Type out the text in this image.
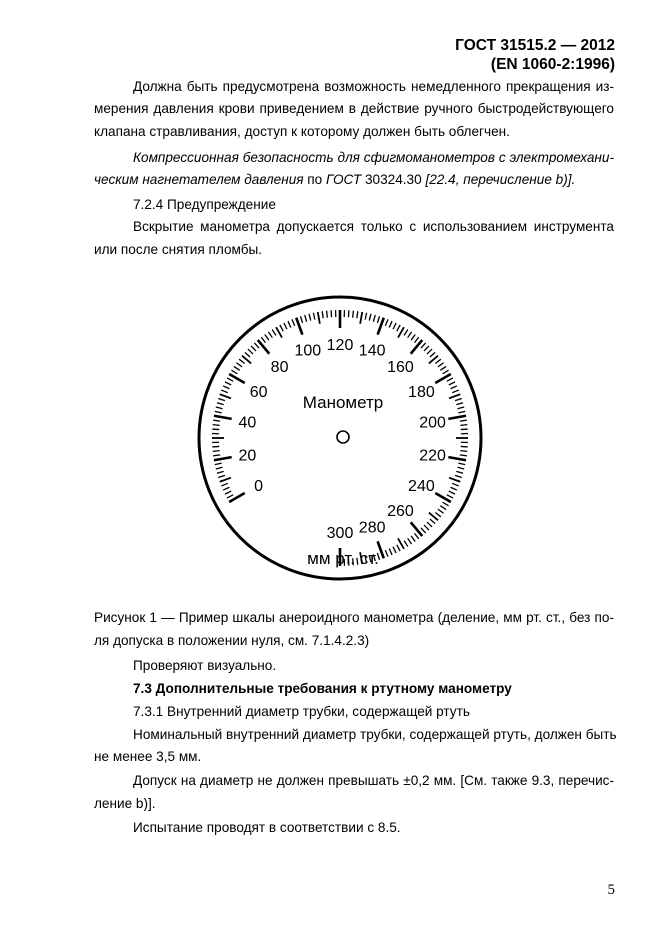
ГОСТ 31515.2 — 2012
(EN 1060-2:1996)
Должна быть предусмотрена возможность немедленного прекращения из-
мерения давления крови приведением в действие ручного быстродействующего
клапана стравливания, доступ к которому должен быть облегчен.
Компрессионная безопасность для сфигмоманометров с электромехани-
ческим нагнетателем давления по ГОСТ 30324.30 [22.4, перечисление b)].
7.2.4 Предупреждение
Вскрытие манометра допускается только с использованием инструмента
или после снятия пломбы.
0
20
40
60
80
100 120 140
160
180
200
220
240
260
280
300
Манометр
мм рт. ст.
Рисунок 1 — Пример шкалы анероидного манометра (деление, мм рт. ст., без по-
ля допуска в положении нуля, см. 7.1.4.2.3)
Проверяют визуально.
7.3 Дополнительные требования к ртутному манометру
7.3.1 Внутренний диаметр трубки, содержащей ртуть
Номинальный внутренний диаметр трубки, содержащей ртуть, должен быть
не менее 3,5 мм.
Допуск на диаметр не должен превышать ±0,2 мм. [См. также 9.3, перечис-
ление b)].
Испытание проводят в соответствии с 8.5.
5
